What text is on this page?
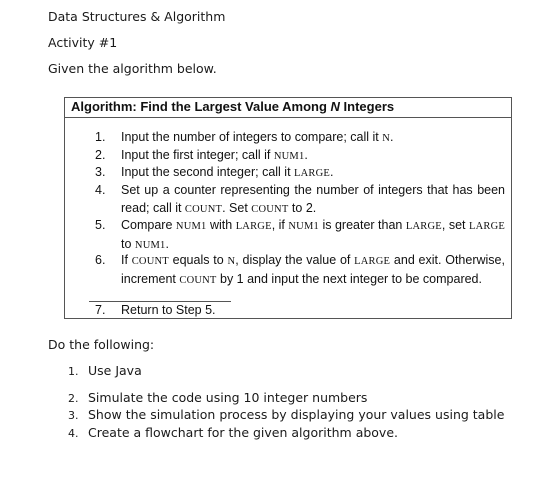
Data Structures & Algorithm
Activity #1
Given the algorithm below.
Algorithm: Find the Largest Value Among N Integers
1. Input the number of integers to compare; call it N.
2. Input the first integer; call if NUM1.
3. Input the second integer; call it LARGE.
4. Set up a counter representing the number of integers that has been read; call it COUNT. Set COUNT to 2.
5. Compare NUM1 with LARGE, if NUM1 is greater than LARGE, set LARGE to NUM1.
6. If COUNT equals to N, display the value of LARGE and exit. Otherwise, increment COUNT by 1 and input the next integer to be compared.
7. Return to Step 5.
Do the following:
1. Use Java
2. Simulate the code using 10 integer numbers
3. Show the simulation process by displaying your values using table
4. Create a flowchart for the given algorithm above.
